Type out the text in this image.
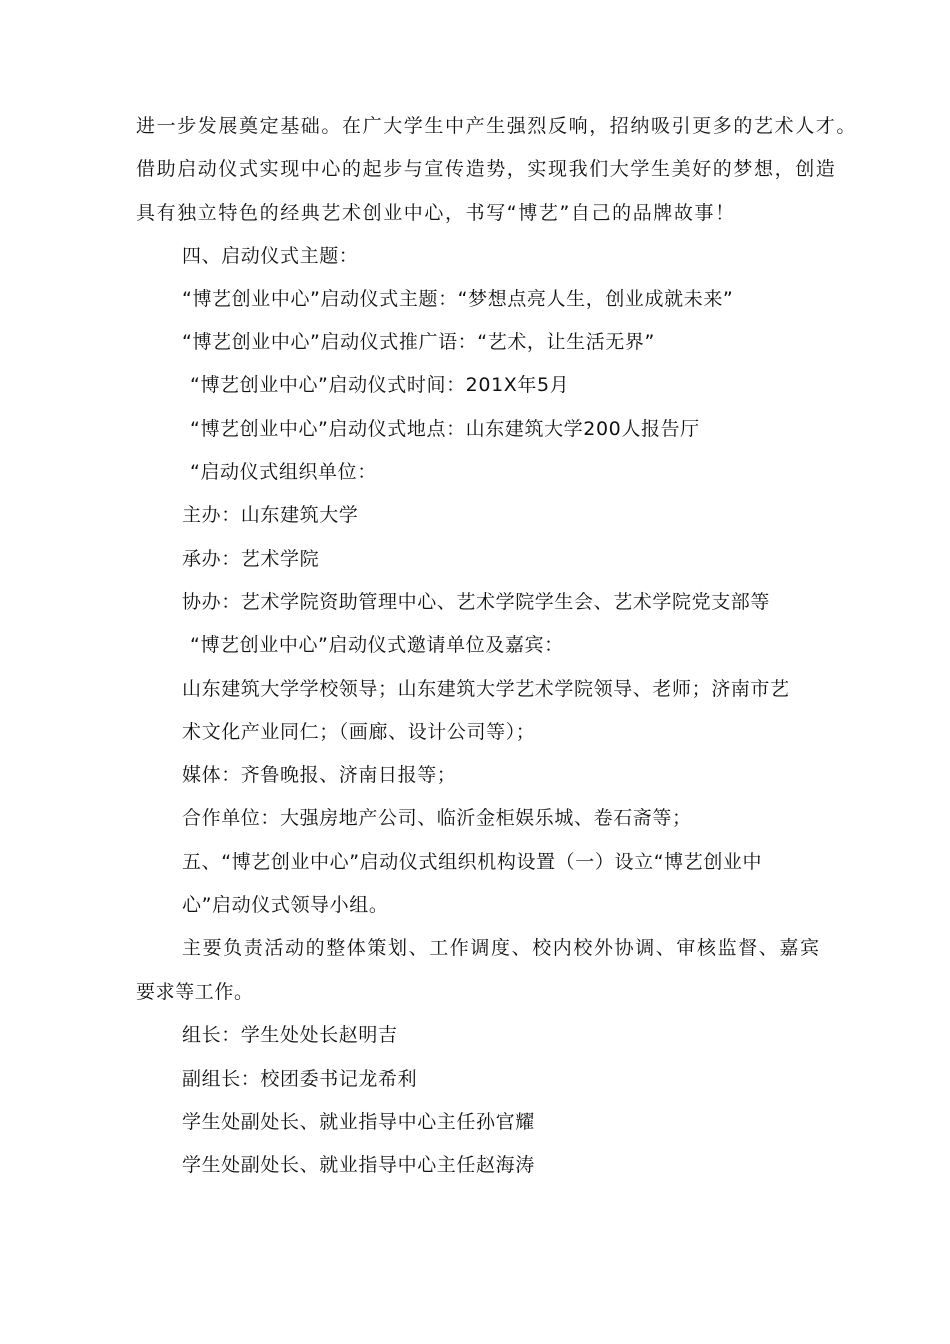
进一步发展奠定基础。在广大学生中产生强烈反响，招纳吸引更多的艺术人才。
借助启动仪式实现中心的起步与宣传造势，实现我们大学生美好的梦想，创造
具有独立特色的经典艺术创业中心，书写“博艺”自己的品牌故事！
四、启动仪式主题：
“博艺创业中心”启动仪式主题：“梦想点亮人生，创业成就未来”
“博艺创业中心”启动仪式推广语：“艺术，让生活无界”
“博艺创业中心”启动仪式时间：201X年5月
“博艺创业中心”启动仪式地点：山东建筑大学200人报告厅
“启动仪式组织单位：
主办：山东建筑大学
承办：艺术学院
协办：艺术学院资助管理中心、艺术学院学生会、艺术学院党支部等
“博艺创业中心”启动仪式邀请单位及嘉宾：
山东建筑大学学校领导；山东建筑大学艺术学院领导、老师；济南市艺
术文化产业同仁；（画廊、设计公司等）；
媒体：齐鲁晚报、济南日报等；
合作单位：大强房地产公司、临沂金柜娱乐城、卷石斋等；
五、“博艺创业中心”启动仪式组织机构设置（一）设立“博艺创业中
心”启动仪式领导小组。
主要负责活动的整体策划、工作调度、校内校外协调、审核监督、嘉宾
要求等工作。
组长：学生处处长赵明吉
副组长：校团委书记龙希利
学生处副处长、就业指导中心主任孙官耀
学生处副处长、就业指导中心主任赵海涛
